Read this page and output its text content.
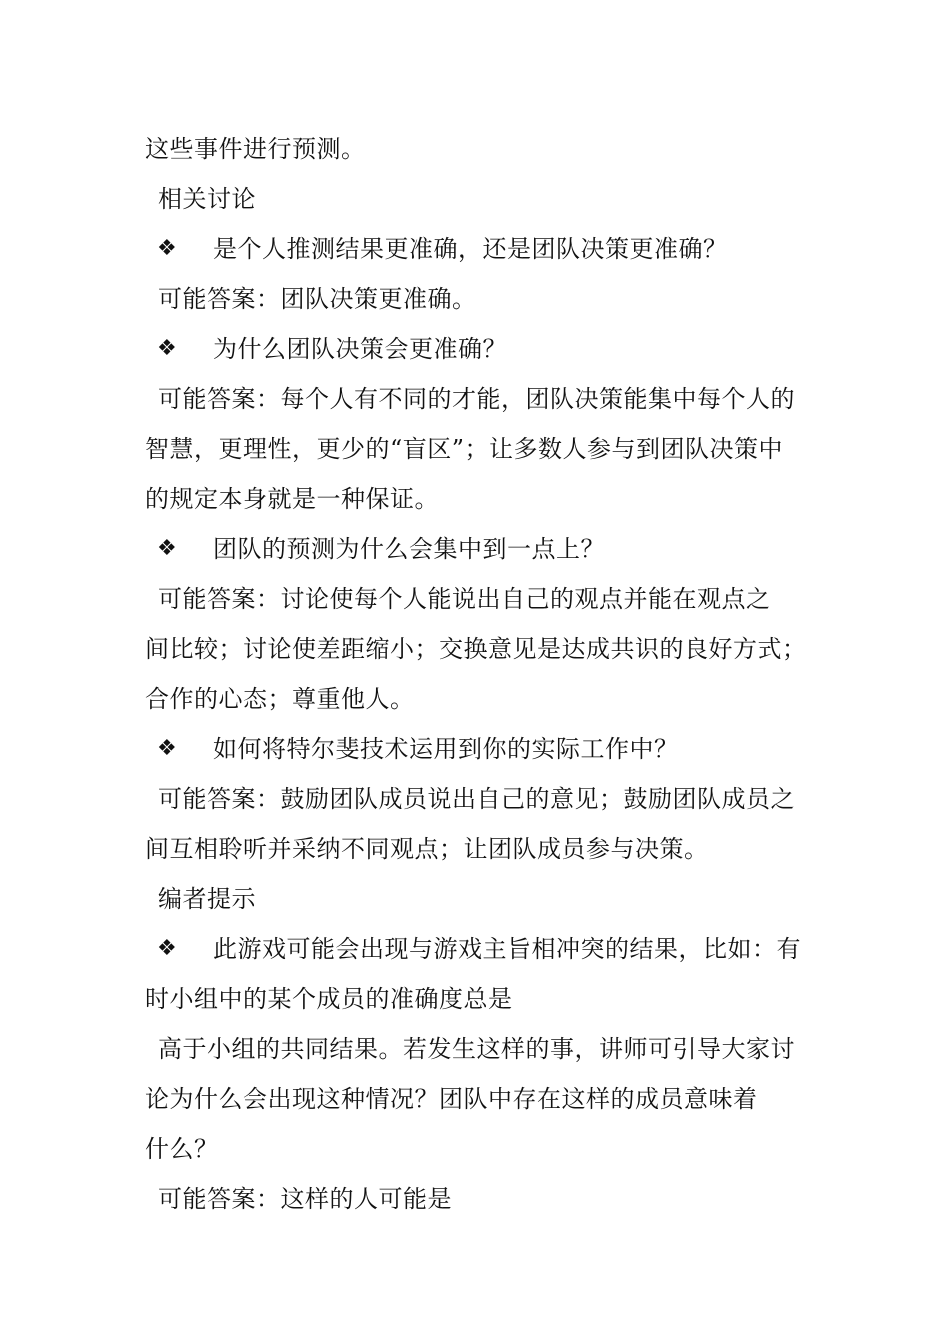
这些事件进行预测。
相关讨论
❖ 是个人推测结果更准确，还是团队决策更准确？
可能答案：团队决策更准确。
❖ 为什么团队决策会更准确？
可能答案：每个人有不同的才能，团队决策能集中每个人的
智慧，更理性，更少的“盲区”；让多数人参与到团队决策中
的规定本身就是一种保证。
❖ 团队的预测为什么会集中到一点上？
可能答案：讨论使每个人能说出自己的观点并能在观点之
间比较；讨论使差距缩小；交换意见是达成共识的良好方式；
合作的心态；尊重他人。
❖ 如何将特尔斐技术运用到你的实际工作中？
可能答案：鼓励团队成员说出自己的意见；鼓励团队成员之
间互相聆听并采纳不同观点；让团队成员参与决策。
编者提示
❖ 此游戏可能会出现与游戏主旨相冲突的结果，比如：有
时小组中的某个成员的准确度总是
高于小组的共同结果。若发生这样的事，讲师可引导大家讨
论为什么会出现这种情况？团队中存在这样的成员意味着
什么？
可能答案：这样的人可能是
